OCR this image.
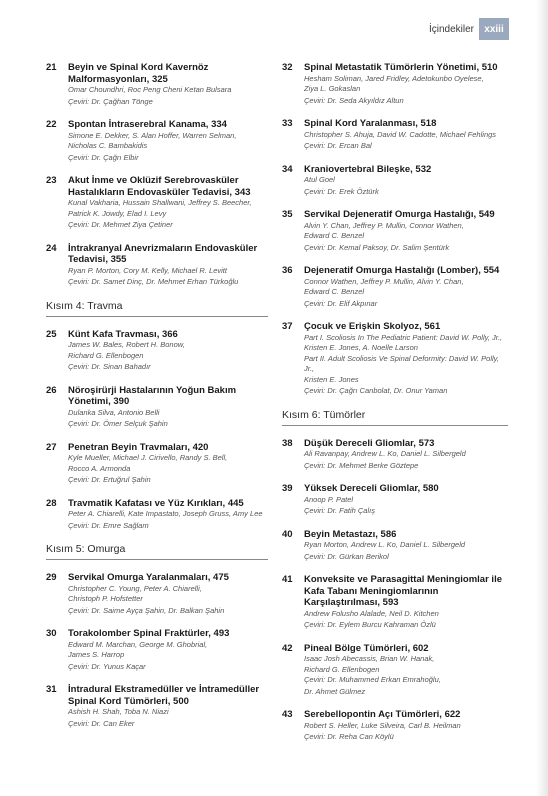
İçindekiler	xxiii
21	Beyin ve Spinal Kord Kavernöz Malformasyonları, 325
Omar Choundhri, Roc Peng Cheni Ketan Bulsara
Çeviri: Dr. Çağhan Tönge
22	Spontan İntraserebral Kanama, 334
Simone E. Dekker, S. Alan Hoffer, Warren Selman,
Nicholas C. Bambakidis
Çeviri: Dr. Çağrı Elbir
23	Akut İnme ve Oklüzif Serebrovasküler Hastalıkların Endovasküler Tedavisi, 343
Kunal Vakharia, Hussain Shallwani, Jeffrey S. Beecher,
Patrick K. Jowdy, Elad I. Levy
Çeviri: Dr. Mehmet Ziya Çetiner
24	İntrakranyal Anevrizmaların Endovasküler Tedavisi, 355
Ryan P. Morton, Cory M. Kelly, Michael R. Levitt
Çeviri: Dr. Samet Dinç, Dr. Mehmet Erhan Türkoğlu
Kısım 4: Travma
25	Künt Kafa Travması, 366
James W. Bales, Robert H. Bonow,
Richard G. Ellenbogen
Çeviri: Dr. Sinan Bahadır
26	Nöroşirürji Hastalarının Yoğun Bakım Yönetimi, 390
Dulanka Silva, Antonio Belli
Çeviri: Dr. Ömer Selçuk Şahin
27	Penetran Beyin Travmaları, 420
Kyle Mueller, Michael J. Cirivello, Randy S. Bell,
Rocco A. Armonda
Çeviri: Dr. Ertuğrul Şahin
28	Travmatik Kafatası ve Yüz Kırıkları, 445
Peter A. Chiarelli, Kate Impastato, Joseph Gruss, Amy Lee
Çeviri: Dr. Emre Sağlam
Kısım 5: Omurga
29	Servikal Omurga Yaralanmaları, 475
Christopher C. Young, Peter A. Chiarelli,
Christoph P. Hofstetter
Çeviri: Dr. Saime Ayça Şahin, Dr. Balkan Şahin
30	Torakolomber Spinal Fraktürler, 493
Edward M. Marchan, George M. Ghobrial,
James S. Harrop
Çeviri: Dr. Yunus Kaçar
31	İntradural Ekstramedüller ve İntramedüller Spinal Kord Tümörleri, 500
Ashish H. Shah, Toba N. Niazi
Çeviri: Dr. Can Eker
32	Spinal Metastatik Tümörlerin Yönetimi, 510
Hesham Soliman, Jared Fridley, Adetokunbo Oyelese,
Ziya L. Gokaslan
Çeviri: Dr. Seda Akyıldız Altun
33	Spinal Kord Yaralanması, 518
Christopher S. Ahuja, David W. Cadotte, Michael Fehlings
Çeviri: Dr. Ercan Bal
34	Kraniovertebral Bileşke, 532
Atul Goel
Çeviri: Dr. Erek Öztürk
35	Servikal Dejeneratif Omurga Hastalığı, 549
Alvin Y. Chan, Jeffrey P. Mullin, Connor Wathen,
Edward C. Benzel
Çeviri: Dr. Kemal Paksoy, Dr. Salim Şentürk
36	Dejeneratif Omurga Hastalığı (Lomber), 554
Connor Wathen, Jeffrey P. Mullin, Alvin Y. Chan,
Edward C. Benzel
Çeviri: Dr. Elif Akpınar
37	Çocuk ve Erişkin Skolyoz, 561
Part I. Scoliosis In The Pediatric Patient: David W. Polly, Jr.,
Kristen E. Jones, A. Noelle Larson
Part II. Adult Scoliosis Ve Spinal Deformity: David W. Polly, Jr.,
Kristen E. Jones
Çeviri: Dr. Çağrı Canbolat, Dr. Onur Yaman
Kısım 6: Tümörler
38	Düşük Dereceli Gliomlar, 573
Ali Ravanpay, Andrew L. Ko, Daniel L. Silbergeld
Çeviri: Dr. Mehmet Berke Göztepe
39	Yüksek Dereceli Gliomlar, 580
Anoop P. Patel
Çeviri: Dr. Fatih Çalış
40	Beyin Metastazı, 586
Ryan Morton, Andrew L. Ko, Daniel L. Silbergeld
Çeviri: Dr. Gürkan Berikol
41	Konveksite ve Parasagittal Meningiomlar ile Kafa Tabanı Meningiomlarının Karşılaştırılması, 593
Andrew Folusho Alalade, Neil D. Kitchen
Çeviri: Dr. Eylem Burcu Kahraman Özlü
42	Pineal Bölge Tümörleri, 602
Isaac Josh Abecassis, Brian W. Hanak,
Richard G. Ellenbogen
Çeviri: Dr. Muhammed Erkan Emrahoğlu,
Dr. Ahmet Gülmez
43	Serebellopontin Açı Tümörleri, 622
Robert S. Heller, Luke Silveira, Carl B. Heilman
Çeviri: Dr. Reha Can Köylü
